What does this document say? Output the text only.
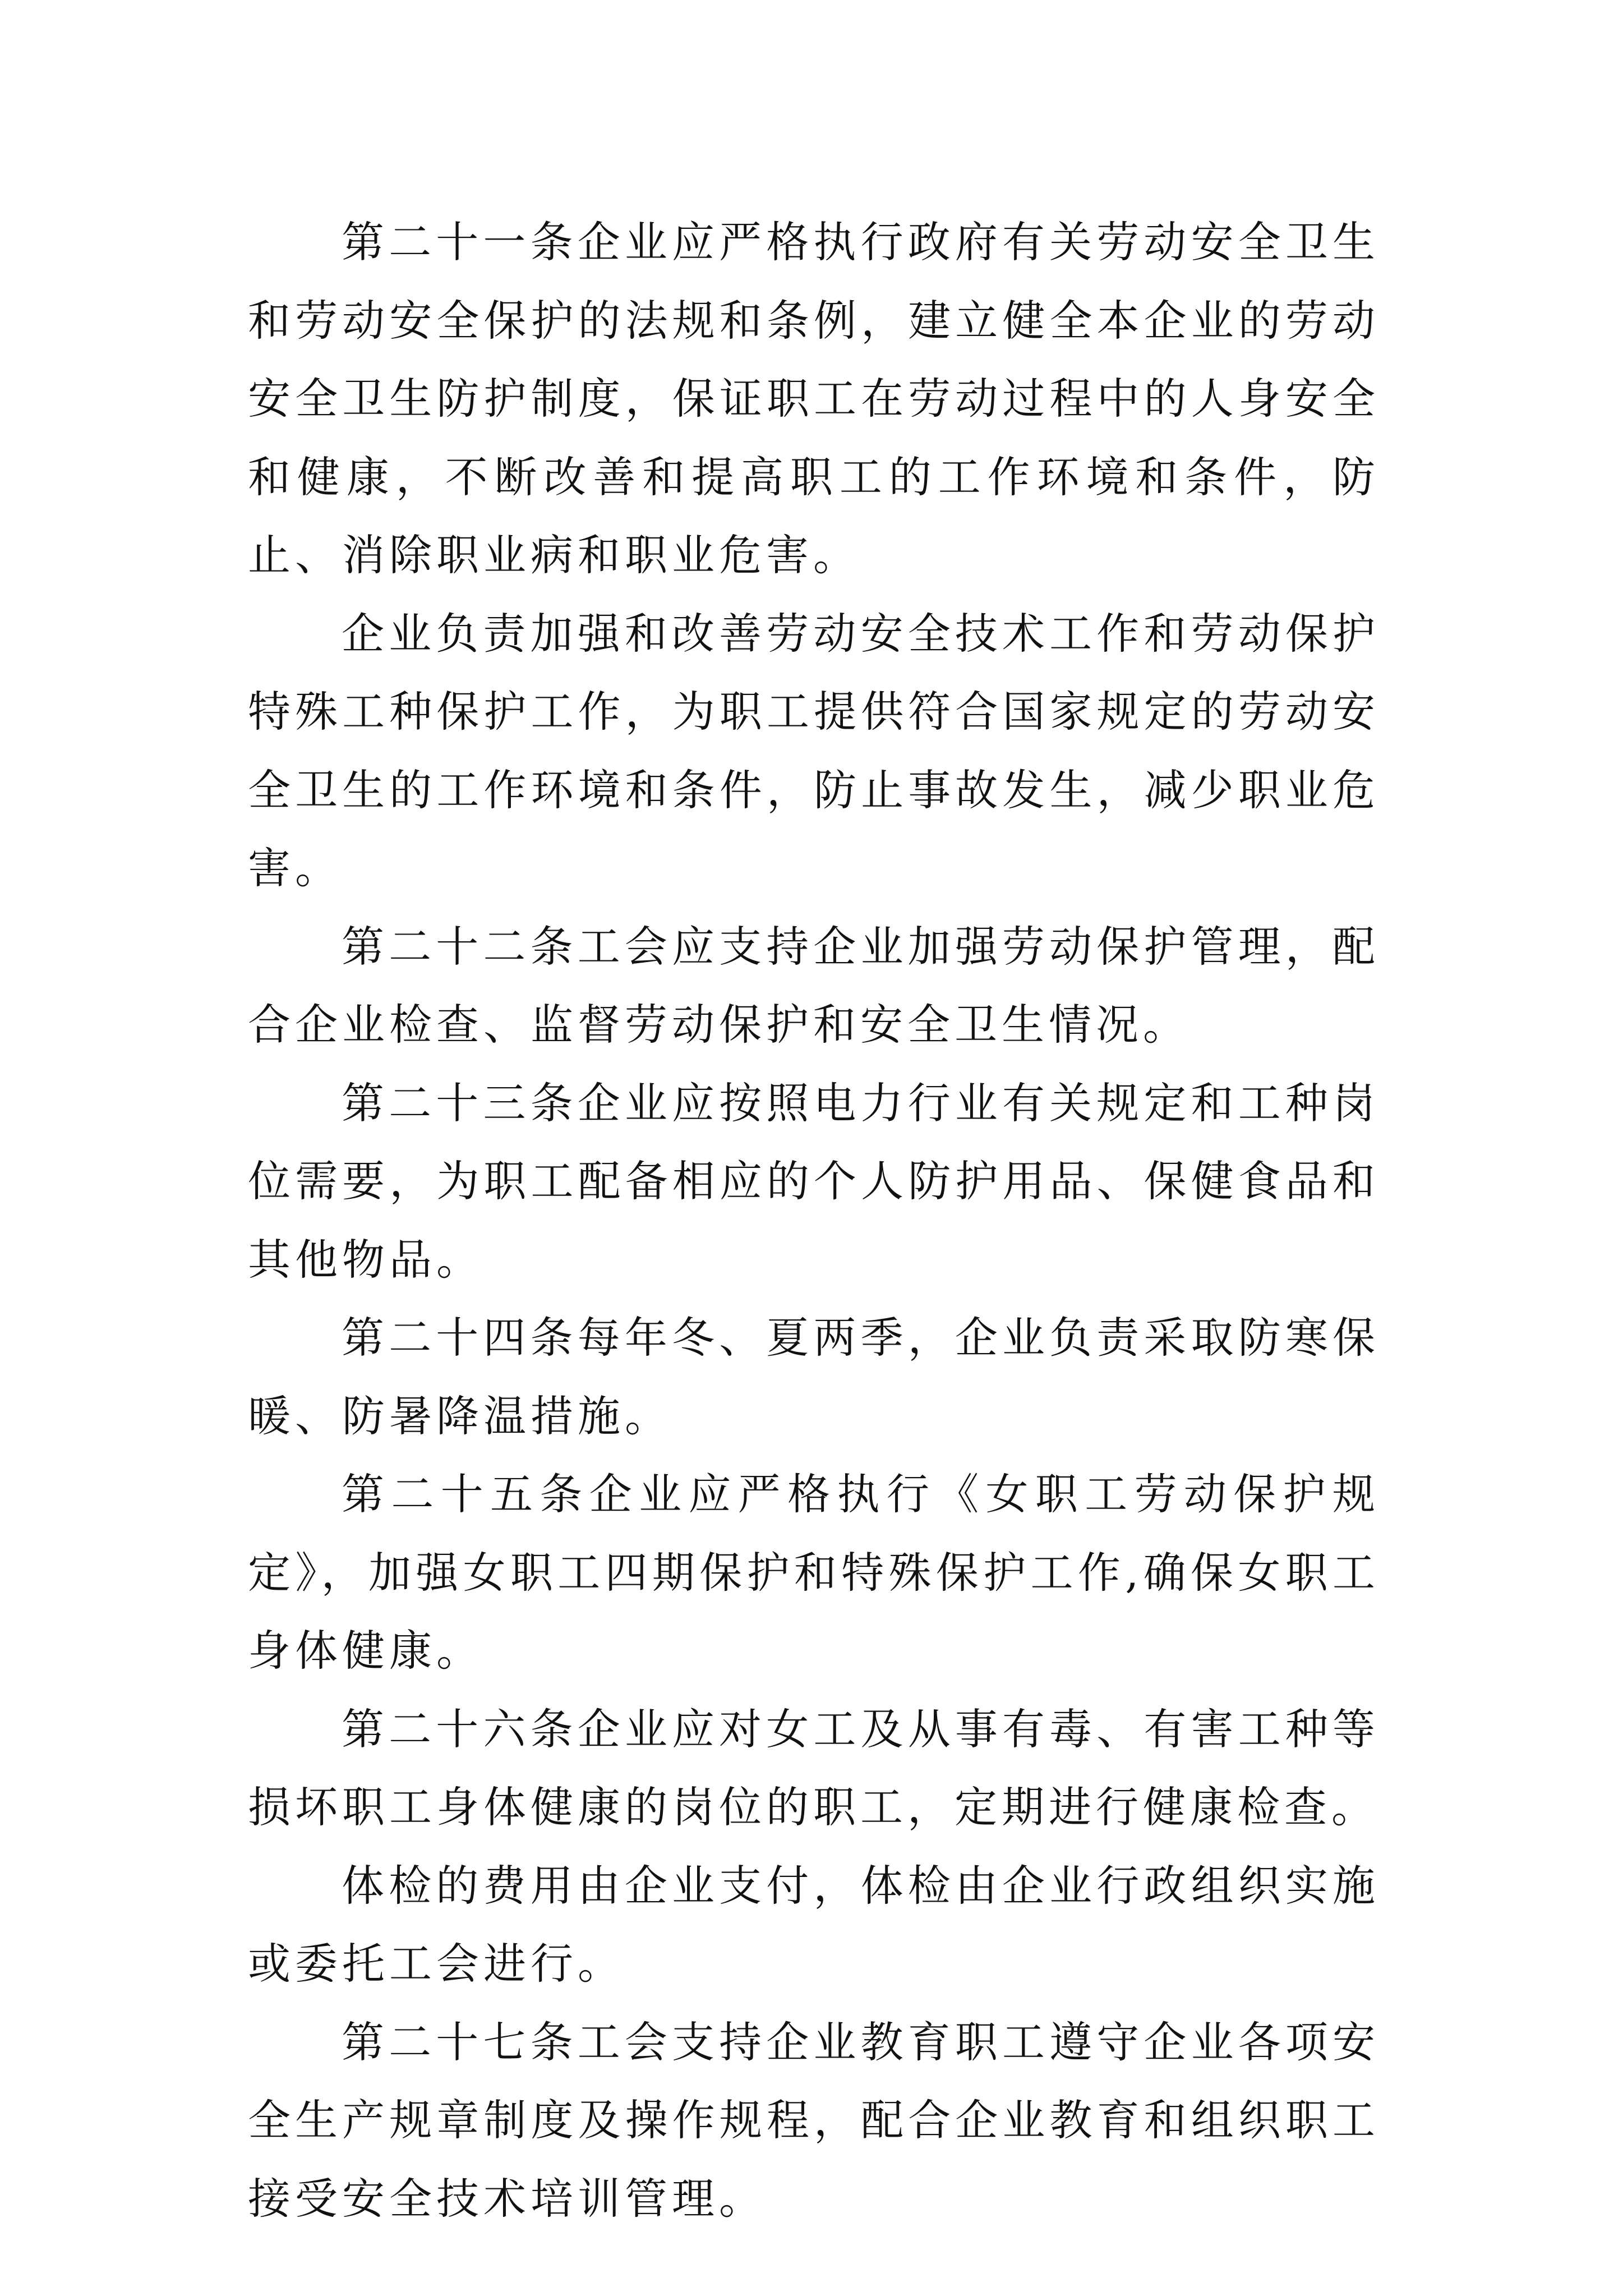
第二十一条企业应严格执行政府有关劳动安全卫生和劳动安全保护的法规和条例，建立健全本企业的劳动安全卫生防护制度，保证职工在劳动过程中的人身安全和健康，不断改善和提高职工的工作环境和条件，防止、消除职业病和职业危害。

企业负责加强和改善劳动安全技术工作和劳动保护特殊工种保护工作，为职工提供符合国家规定的劳动安全卫生的工作环境和条件，防止事故发生，减少职业危害。

第二十二条工会应支持企业加强劳动保护管理，配合企业检查、监督劳动保护和安全卫生情况。

第二十三条企业应按照电力行业有关规定和工种岗位需要，为职工配备相应的个人防护用品、保健食品和其他物品。

第二十四条每年冬、夏两季，企业负责采取防寒保暖、防暑降温措施。

第二十五条企业应严格执行《女职工劳动保护规定》，加强女职工四期保护和特殊保护工作,确保女职工身体健康。

第二十六条企业应对女工及从事有毒、有害工种等损坏职工身体健康的岗位的职工，定期进行健康检查。

体检的费用由企业支付，体检由企业行政组织实施或委托工会进行。

第二十七条工会支持企业教育职工遵守企业各项安全生产规章制度及操作规程，配合企业教育和组织职工接受安全技术培训管理。
